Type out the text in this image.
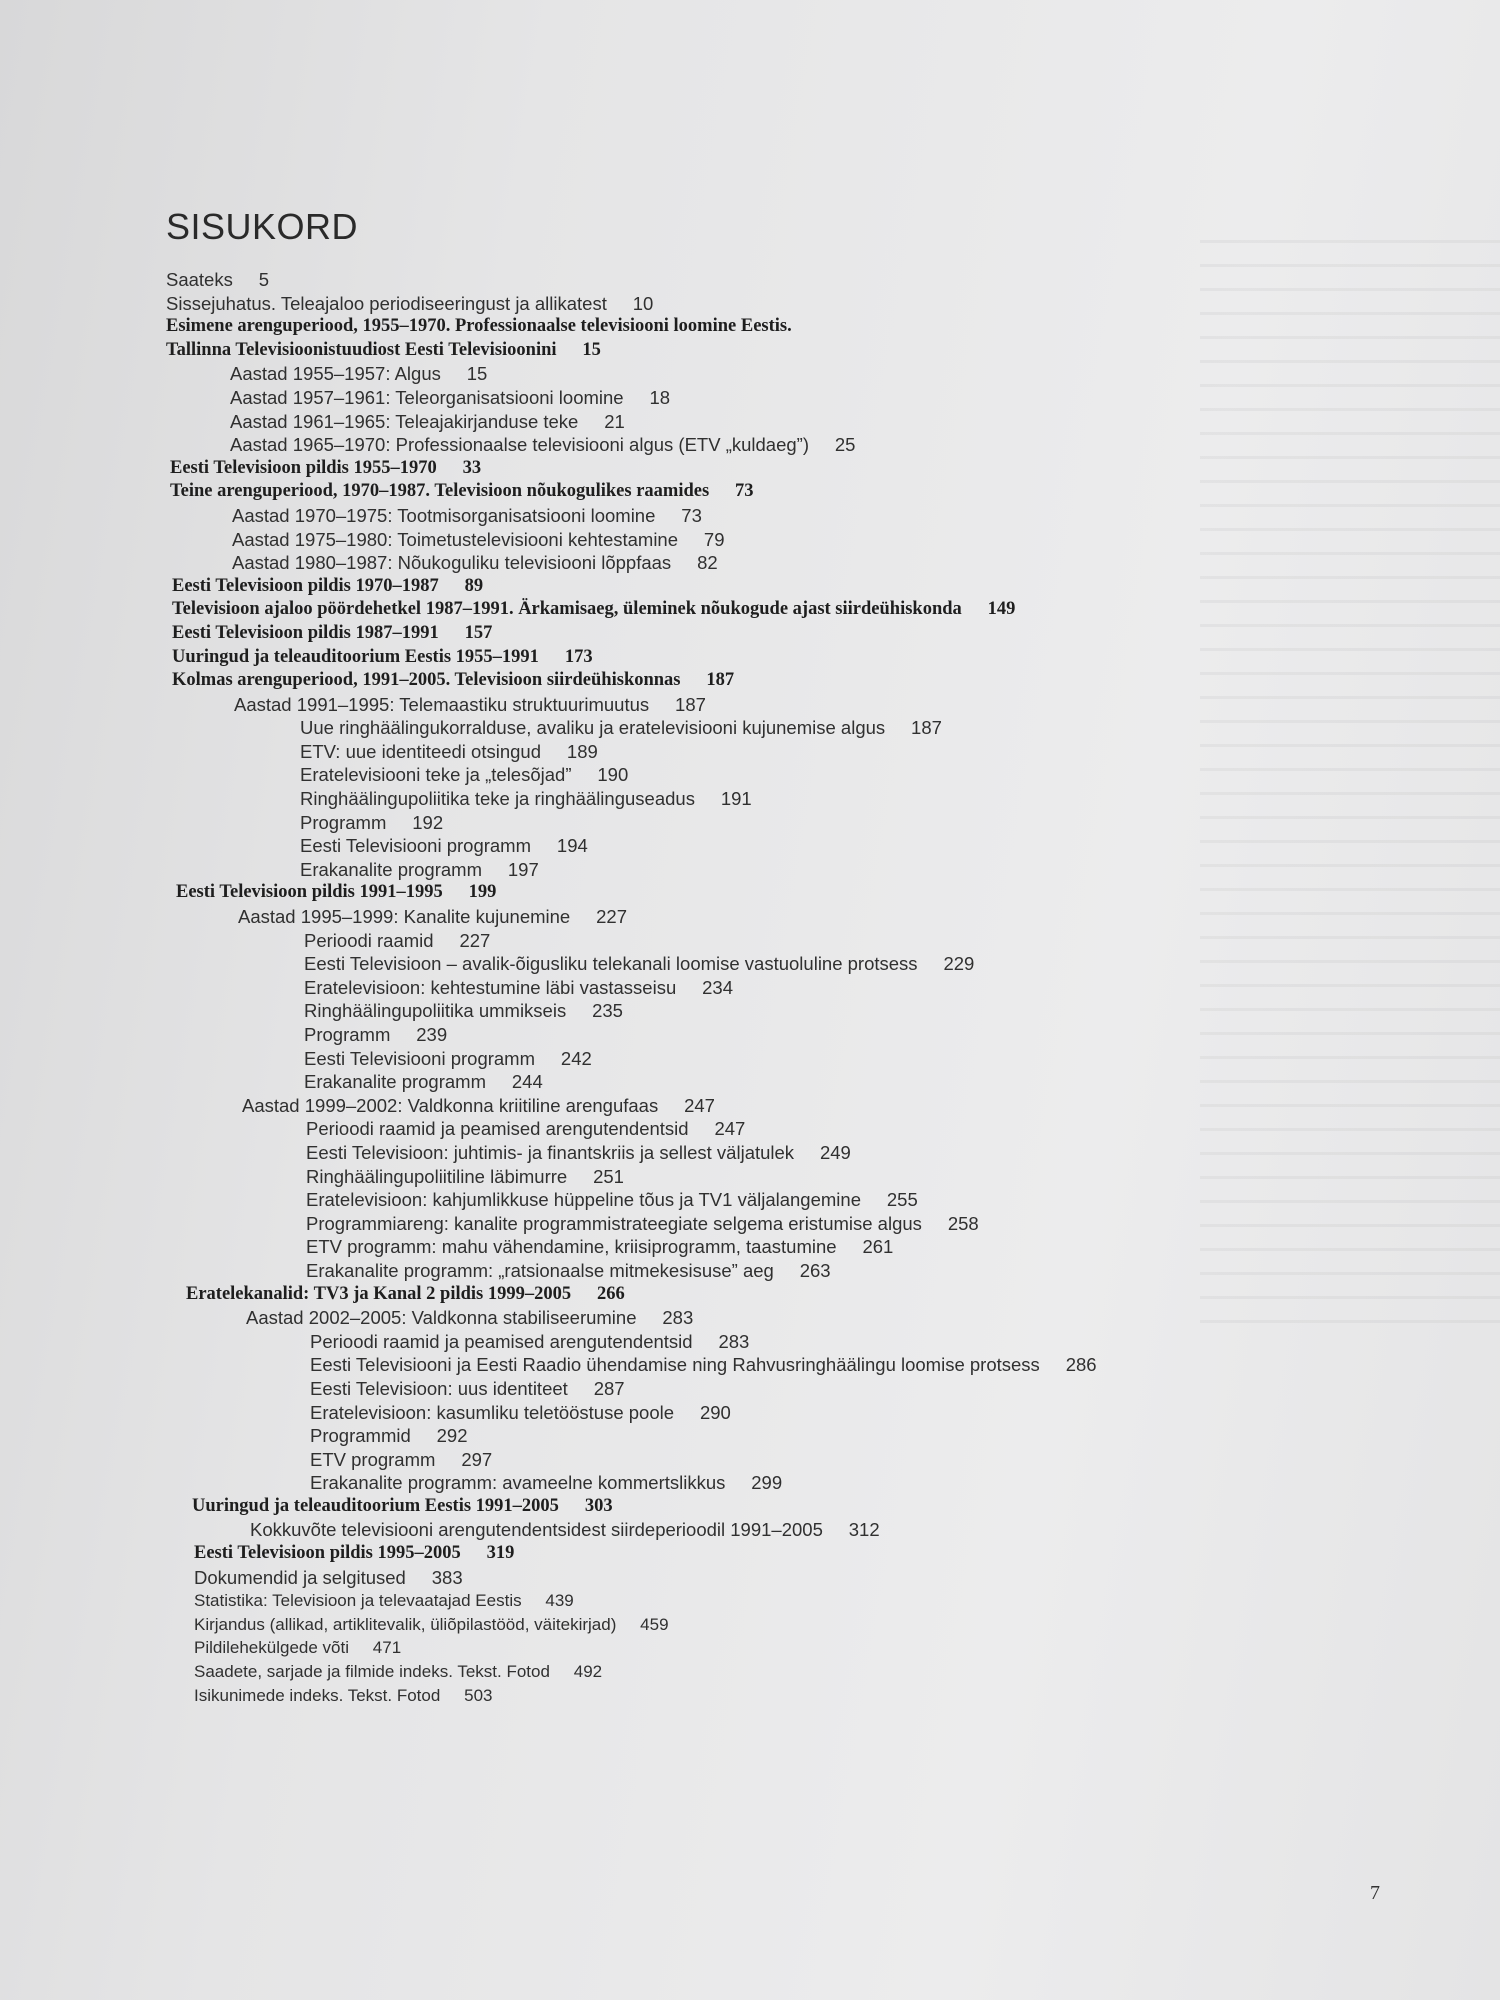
SISUKORD
Saateks 5
Sissejuhatus. Teleajaloo periodiseeringust ja allikatest 10
Esimene arenguperiood, 1955–1970. Professionaalse televisiooni loomine Eestis.
Tallinna Televisioonistuudiost Eesti Televisioonini 15
Aastad 1955–1957: Algus 15
Aastad 1957–1961: Teleorganisatsiooni loomine 18
Aastad 1961–1965: Teleajakirjanduse teke 21
Aastad 1965–1970: Professionaalse televisiooni algus (ETV „kuldaeg”) 25
Eesti Televisioon pildis 1955–1970 33
Teine arenguperiood, 1970–1987. Televisioon nõukogulikes raamides 73
Aastad 1970–1975: Tootmisorganisatsiooni loomine 73
Aastad 1975–1980: Toimetustelevisiooni kehtestamine 79
Aastad 1980–1987: Nõukoguliku televisiooni lõppfaas 82
Eesti Televisioon pildis 1970–1987 89
Televisioon ajaloo pöördehetkel 1987–1991. Ärkamisaeg, üleminek nõukogude ajast siirdeühiskonda 149
Eesti Televisioon pildis 1987–1991 157
Uuringud ja teleauditoorium Eestis 1955–1991 173
Kolmas arenguperiood, 1991–2005. Televisioon siirdeühiskonnas 187
Aastad 1991–1995: Telemaastiku struktuurimuutus 187
Uue ringhäälingukorralduse, avaliku ja eratelevisiooni kujunemise algus 187
ETV: uue identiteedi otsingud 189
Eratelevisiooni teke ja „telesõjad” 190
Ringhäälingupoliitika teke ja ringhäälinguseadus 191
Programm 192
Eesti Televisiooni programm 194
Erakanalite programm 197
Eesti Televisioon pildis 1991–1995 199
Aastad 1995–1999: Kanalite kujunemine 227
Perioodi raamid 227
Eesti Televisioon – avalik-õigusliku telekanali loomise vastuoluline protsess 229
Eratelevisioon: kehtestumine läbi vastasseisu 234
Ringhäälingupoliitika ummikseis 235
Programm 239
Eesti Televisiooni programm 242
Erakanalite programm 244
Aastad 1999–2002: Valdkonna kriitiline arengufaas 247
Perioodi raamid ja peamised arengutendentsid 247
Eesti Televisioon: juhtimis- ja finantskriis ja sellest väljatulek 249
Ringhäälingupoliitiline läbimurre 251
Eratelevisioon: kahjumlikkuse hüppeline tõus ja TV1 väljalangemine 255
Programmiareng: kanalite programmistrateegiate selgema eristumise algus 258
ETV programm: mahu vähendamine, kriisiprogramm, taastumine 261
Erakanalite programm: „ratsionaalse mitmekesisuse” aeg 263
Eratelekanalid: TV3 ja Kanal 2 pildis 1999–2005 266
Aastad 2002–2005: Valdkonna stabiliseerumine 283
Perioodi raamid ja peamised arengutendentsid 283
Eesti Televisiooni ja Eesti Raadio ühendamise ning Rahvusringhäälingu loomise protsess 286
Eesti Televisioon: uus identiteet 287
Eratelevisioon: kasumliku teletööstuse poole 290
Programmid 292
ETV programm 297
Erakanalite programm: avameelne kommertslikkus 299
Uuringud ja teleauditoorium Eestis 1991–2005 303
Kokkuvõte televisiooni arengutendentsidest siirdeperioodil 1991–2005 312
Eesti Televisioon pildis 1995–2005 319
Dokumendid ja selgitused 383
Statistika: Televisioon ja televaatajad Eestis 439
Kirjandus (allikad, artiklitevalik, üliõpilastööd, väitekirjad) 459
Pildilehekülgede võti 471
Saadete, sarjade ja filmide indeks. Tekst. Fotod 492
Isikunimede indeks. Tekst. Fotod 503
7
